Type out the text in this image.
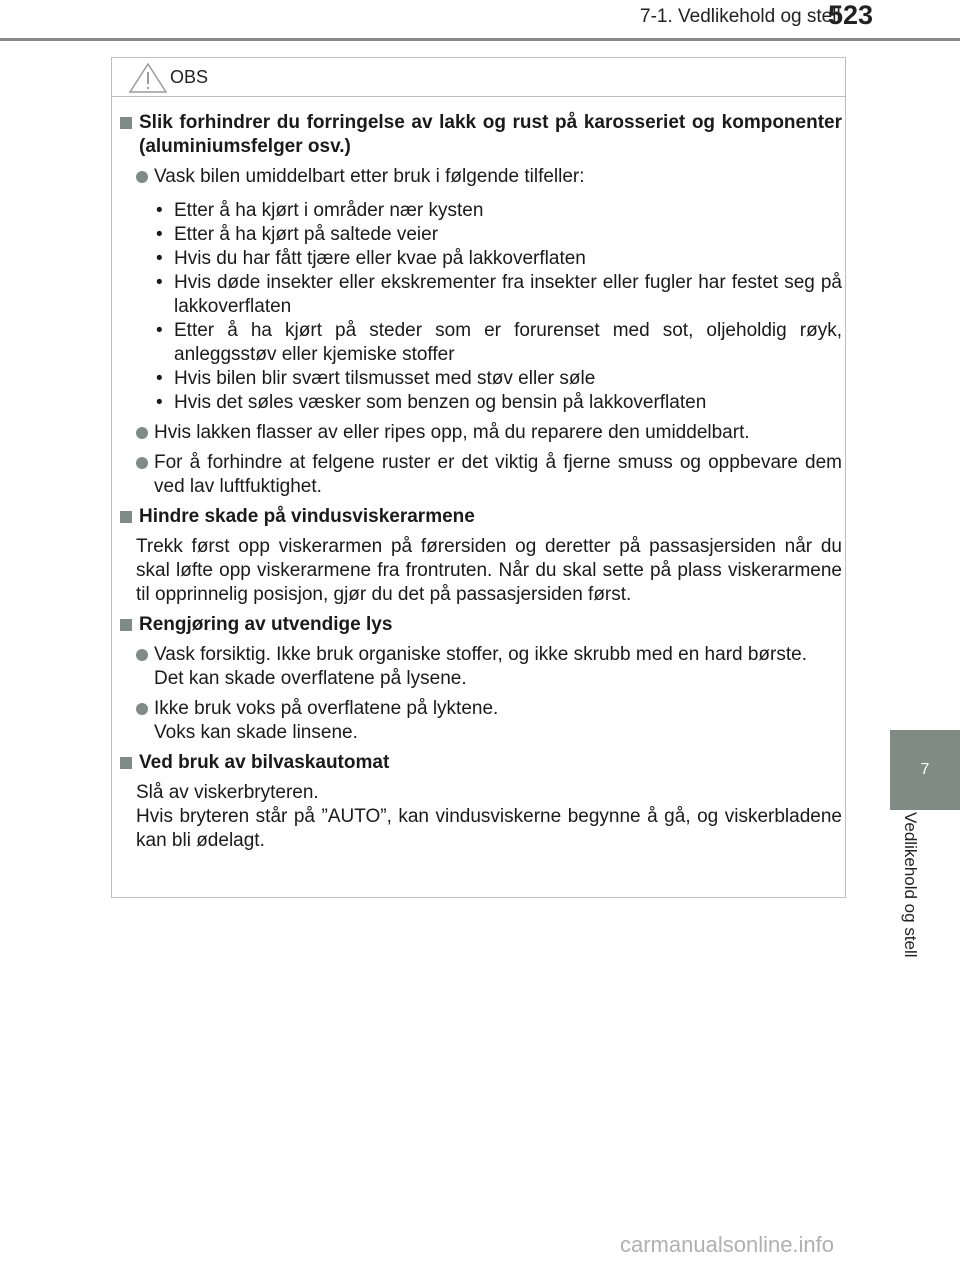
7-1. Vedlikehold og stell
523
7
Vedlikehold og stell
OBS
Slik forhindrer du forringelse av lakk og rust på karosseriet og komponenter (aluminiumsfelger osv.)
Vask bilen umiddelbart etter bruk i følgende tilfeller:
• Etter å ha kjørt i områder nær kysten
• Etter å ha kjørt på saltede veier
• Hvis du har fått tjære eller kvae på lakkoverflaten
• Hvis døde insekter eller ekskrementer fra insekter eller fugler har festet seg på lakkoverflaten
• Etter å ha kjørt på steder som er forurenset med sot, oljeholdig røyk, anleggsstøv eller kjemiske stoffer
• Hvis bilen blir svært tilsmusset med støv eller søle
• Hvis det søles væsker som benzen og bensin på lakkoverflaten
Hvis lakken flasser av eller ripes opp, må du reparere den umiddelbart.
For å forhindre at felgene ruster er det viktig å fjerne smuss og oppbevare dem ved lav luftfuktighet.
Hindre skade på vindusviskerarmene
Trekk først opp viskerarmen på førersiden og deretter på passasjersiden når du skal løfte opp viskerarmene fra frontruten. Når du skal sette på plass viskerarmene til opprinnelig posisjon, gjør du det på passasjersiden først.
Rengjøring av utvendige lys
Vask forsiktig. Ikke bruk organiske stoffer, og ikke skrubb med en hard børste.
Det kan skade overflatene på lysene.
Ikke bruk voks på overflatene på lyktene.
Voks kan skade linsene.
Ved bruk av bilvaskautomat
Slå av viskerbryteren.
Hvis bryteren står på ”AUTO”, kan vindusviskerne begynne å gå, og viskerbladene kan bli ødelagt.
carmanualsonline.info
